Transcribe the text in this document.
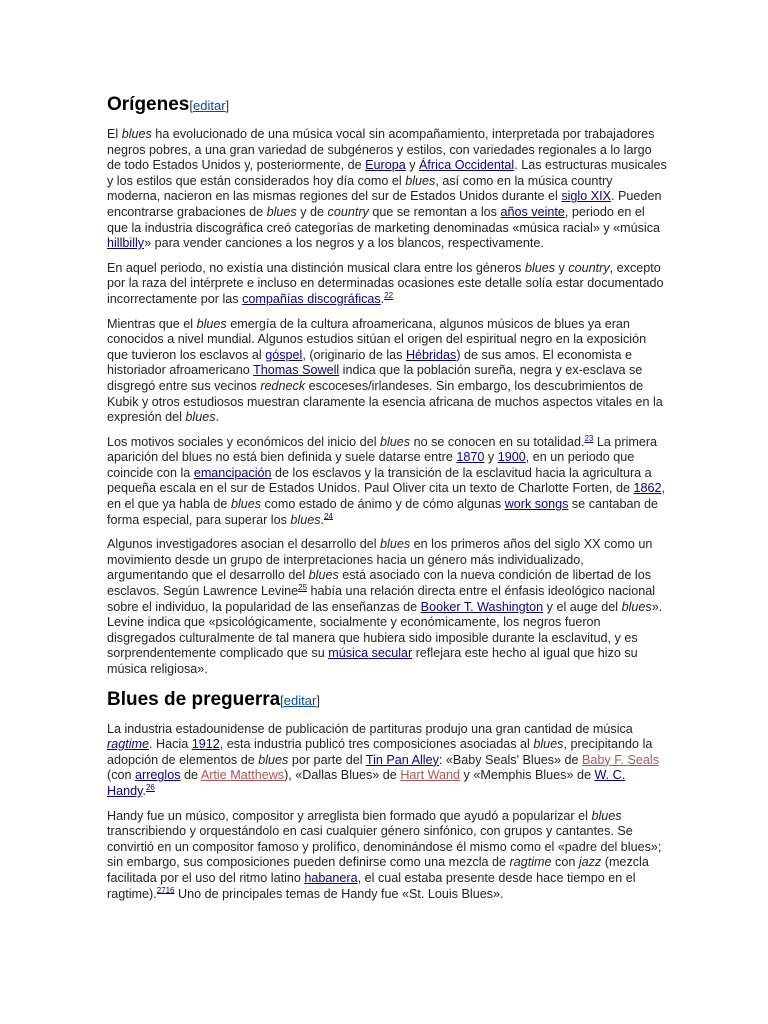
Orígenes[editar]

El blues ha evolucionado de una música vocal sin acompañamiento, interpretada por trabajadores negros pobres, a una gran variedad de subgéneros y estilos, con variedades regionales a lo largo de todo Estados Unidos y, posteriormente, de Europa y África Occidental. Las estructuras musicales y los estilos que están considerados hoy día como el blues, así como en la música country moderna, nacieron en las mismas regiones del sur de Estados Unidos durante el siglo XIX. Pueden encontrarse grabaciones de blues y de country que se remontan a los años veinte, periodo en el que la industria discográfica creó categorías de marketing denominadas «música racial» y «música hillbilly» para vender canciones a los negros y a los blancos, respectivamente.

En aquel periodo, no existía una distinción musical clara entre los géneros blues y country, excepto por la raza del intérprete e incluso en determinadas ocasiones este detalle solía estar documentado incorrectamente por las compañías discográficas.$^{22}$

Mientras que el blues emergía de la cultura afroamericana, algunos músicos de blues ya eran conocidos a nivel mundial. Algunos estudios sitúan el origen del espiritual negro en la exposición que tuvieron los esclavos al góspel, (originario de las Hébridas) de sus amos. El economista e historiador afroamericano Thomas Sowell indica que la población sureña, negra y ex-esclava se disgregó entre sus vecinos redneck escoceses/irlandeses. Sin embargo, los descubrimientos de Kubik y otros estudiosos muestran claramente la esencia africana de muchos aspectos vitales en la expresión del blues.

Los motivos sociales y económicos del inicio del blues no se conocen en su totalidad.$^{23}$ La primera aparición del blues no está bien definida y suele datarse entre 1870 y 1900, en un periodo que coincide con la emancipación de los esclavos y la transición de la esclavitud hacia la agricultura a pequeña escala en el sur de Estados Unidos. Paul Oliver cita un texto de Charlotte Forten, de 1862, en el que ya habla de blues como estado de ánimo y de cómo algunas work songs se cantaban de forma especial, para superar los blues.$^{24}$

Algunos investigadores asocian el desarrollo del blues en los primeros años del siglo XX como un movimiento desde un grupo de interpretaciones hacia un género más individualizado, argumentando que el desarrollo del blues está asociado con la nueva condición de libertad de los esclavos. Según Lawrence Levine$^{25}$ había una relación directa entre el énfasis ideológico nacional sobre el individuo, la popularidad de las enseñanzas de Booker T. Washington y el auge del blues». Levine indica que «psicológicamente, socialmente y económicamente, los negros fueron disgregados culturalmente de tal manera que hubiera sido imposible durante la esclavitud, y es sorprendentemente complicado que su música secular reflejara este hecho al igual que hizo su música religiosa».

Blues de preguerra[editar]

La industria estadounidense de publicación de partituras produjo una gran cantidad de música ragtime. Hacia 1912, esta industria publicó tres composiciones asociadas al blues, precipitando la adopción de elementos de blues por parte del Tin Pan Alley: «Baby Seals' Blues» de Baby F. Seals (con arreglos de Artie Matthews), «Dallas Blues» de Hart Wand y «Memphis Blues» de W. C. Handy.$^{26}$

Handy fue un músico, compositor y arreglista bien formado que ayudó a popularizar el blues transcribiendo y orquestándolo en casi cualquier género sinfónico, con grupos y cantantes. Se convirtió en un compositor famoso y prolífico, denominándose él mismo como el «padre del blues»; sin embargo, sus composiciones pueden definirse como una mezcla de ragtime con jazz (mezcla facilitada por el uso del ritmo latino habanera, el cual estaba presente desde hace tiempo en el ragtime).$^{2716}$ Uno de principales temas de Handy fue «St. Louis Blues».
